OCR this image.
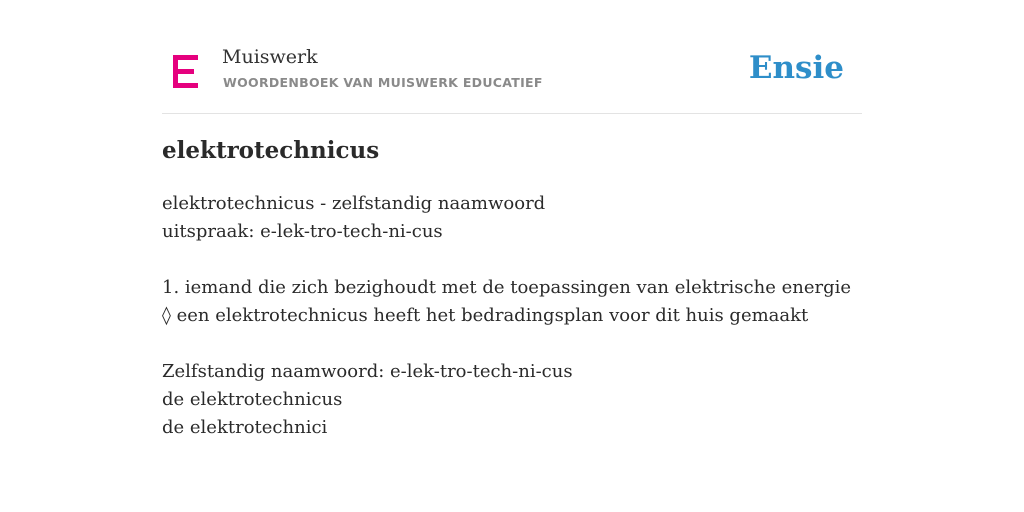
Muiswerk
WOORDENBOEK VAN MUISWERK EDUCATIEF	Ensie
elektrotechnicus
elektrotechnicus - zelfstandig naamwoord
uitspraak: e-lek-tro-tech-ni-cus
1. iemand die zich bezighoudt met de toepassingen van elektrische energie
◊ een elektrotechnicus heeft het bedradingsplan voor dit huis gemaakt
Zelfstandig naamwoord: e-lek-tro-tech-ni-cus
de elektrotechnicus
de elektrotechnici
